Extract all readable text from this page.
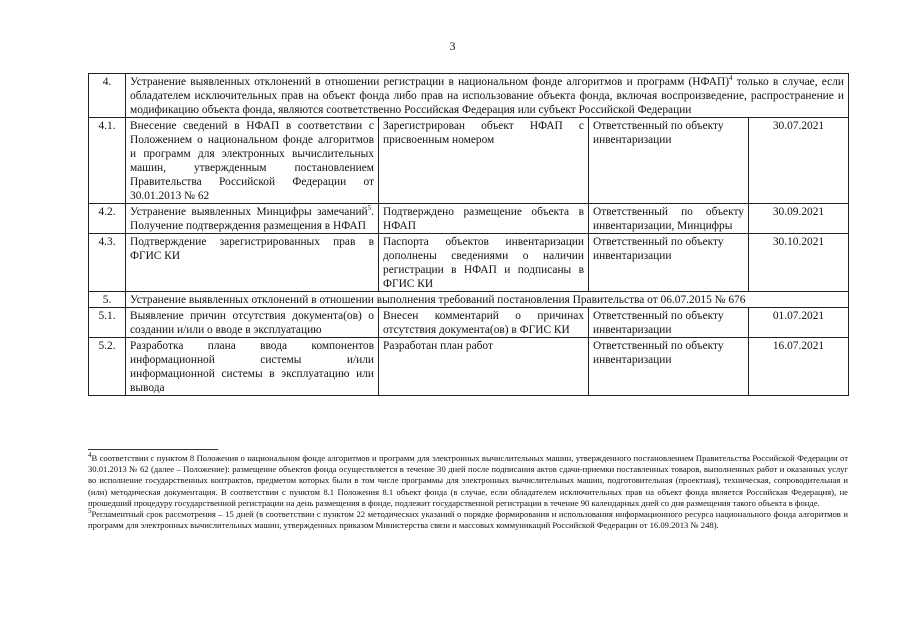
3
4.	Устранение выявленных отклонений в отношении регистрации в национальном фонде алгоритмов и программ (НФАП)$^4$ только в случае, если обладателем исключительных прав на объект фонда либо прав на использование объекта фонда, включая воспроизведение, распространение и модификацию объекта фонда, являются соответственно Российская Федерация или субъект Российской Федерации			
4.1.	Внесение сведений в НФАП в соответствии с Положением о национальном фонде алгоритмов и программ для электронных вычислительных машин, утвержденным постановлением Правительства Российской Федерации от 30.01.2013 № 62	Зарегистрирован объект НФАП с присвоенным номером	Ответственный по объекту инвентаризации	30.07.2021
4.2.	Устранение выявленных Минцифры замечаний$^5$. Получение подтверждения размещения в НФАП	Подтверждено размещение объекта в НФАП	Ответственный по объекту инвентаризации, Минцифры	30.09.2021
4.3.	Подтверждение зарегистрированных прав в ФГИС КИ	Паспорта объектов инвентаризации дополнены сведениями о наличии регистрации в НФАП и подписаны в ФГИС КИ	Ответственный по объекту инвентаризации	30.10.2021
5.	Устранение выявленных отклонений в отношении выполнения требований постановления Правительства от 06.07.2015 № 676			
5.1.	Выявление причин отсутствия документа(ов) о создании и/или о вводе в эксплуатацию	Внесен комментарий о причинах отсутствия документа(ов) в ФГИС КИ	Ответственный по объекту инвентаризации	01.07.2021
5.2.	Разработка плана ввода компонентов информационной системы и/или информационной системы в эксплуатацию или вывода	Разработан план работ	Ответственный по объекту инвентаризации	16.07.2021

$^4$В соответствии с пунктом 8 Положения о национальном фонде алгоритмов и программ для электронных вычислительных машин, утвержденного постановлением Правительства Российской Федерации от 30.01.2013 № 62 (далее – Положение): размещение объектов фонда осуществляется в течение 30 дней после подписания актов сдачи-приемки поставленных товаров, выполненных работ и оказанных услуг во исполнение государственных контрактов, предметом которых были в том числе программы для электронных вычислительных машин, подготовительная (проектная), техническая, сопроводительная и (или) методическая документация. В соответствии с пунктом 8.1 Положения 8.1 объект фонда (в случае, если обладателем исключительных прав на объект фонда является Российская Федерация), не прошедший процедуру государственной регистрации на день размещения в фонде, подлежит государственной регистрации в течение 90 календарных дней со дня размещения такого объекта в фонде.

$^5$Регламентный срок рассмотрения – 15 дней (в соответствии с пунктом 22 методических указаний о порядке формирования и использования информационного ресурса национального фонда алгоритмов и программ для электронных вычислительных машин, утвержденных приказом Министерства связи и массовых коммуникаций Российской Федерации от 16.09.2013 № 248).
